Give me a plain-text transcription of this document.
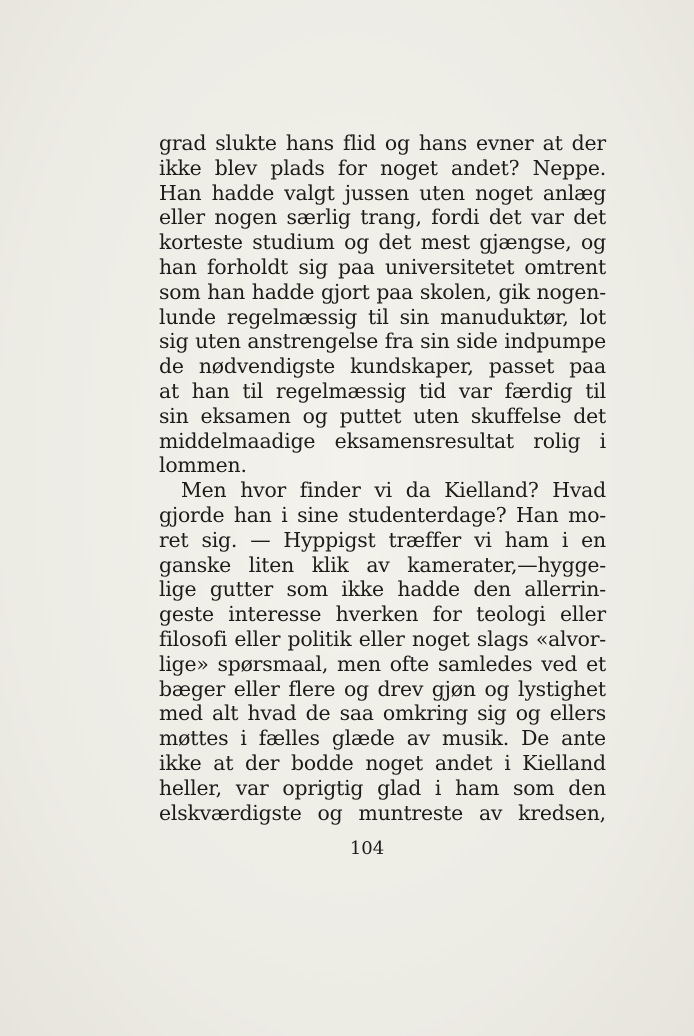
grad slukte hans flid og hans evner at der
ikke blev plads for noget andet? Neppe.
Han hadde valgt jussen uten noget anlæg
eller nogen særlig trang, fordi det var det
korteste studium og det mest gjængse, og
han forholdt sig paa universitetet omtrent
som han hadde gjort paa skolen, gik nogen-
lunde regelmæssig til sin manuduktør, lot
sig uten anstrengelse fra sin side indpumpe
de nødvendigste kundskaper, passet paa
at han til regelmæssig tid var færdig til
sin eksamen og puttet uten skuffelse det
middelmaadige eksamensresultat rolig i
lommen.
Men hvor finder vi da Kielland? Hvad
gjorde han i sine studenterdage? Han mo-
ret sig. — Hyppigst træffer vi ham i en
ganske liten klik av kamerater,—hygge-
lige gutter som ikke hadde den allerrin-
geste interesse hverken for teologi eller
filosofi eller politik eller noget slags «alvor-
lige» spørsmaal, men ofte samledes ved et
bæger eller flere og drev gjøn og lystighet
med alt hvad de saa omkring sig og ellers
møttes i fælles glæde av musik. De ante
ikke at der bodde noget andet i Kielland
heller, var oprigtig glad i ham som den
elskværdigste og muntreste av kredsen,
104
